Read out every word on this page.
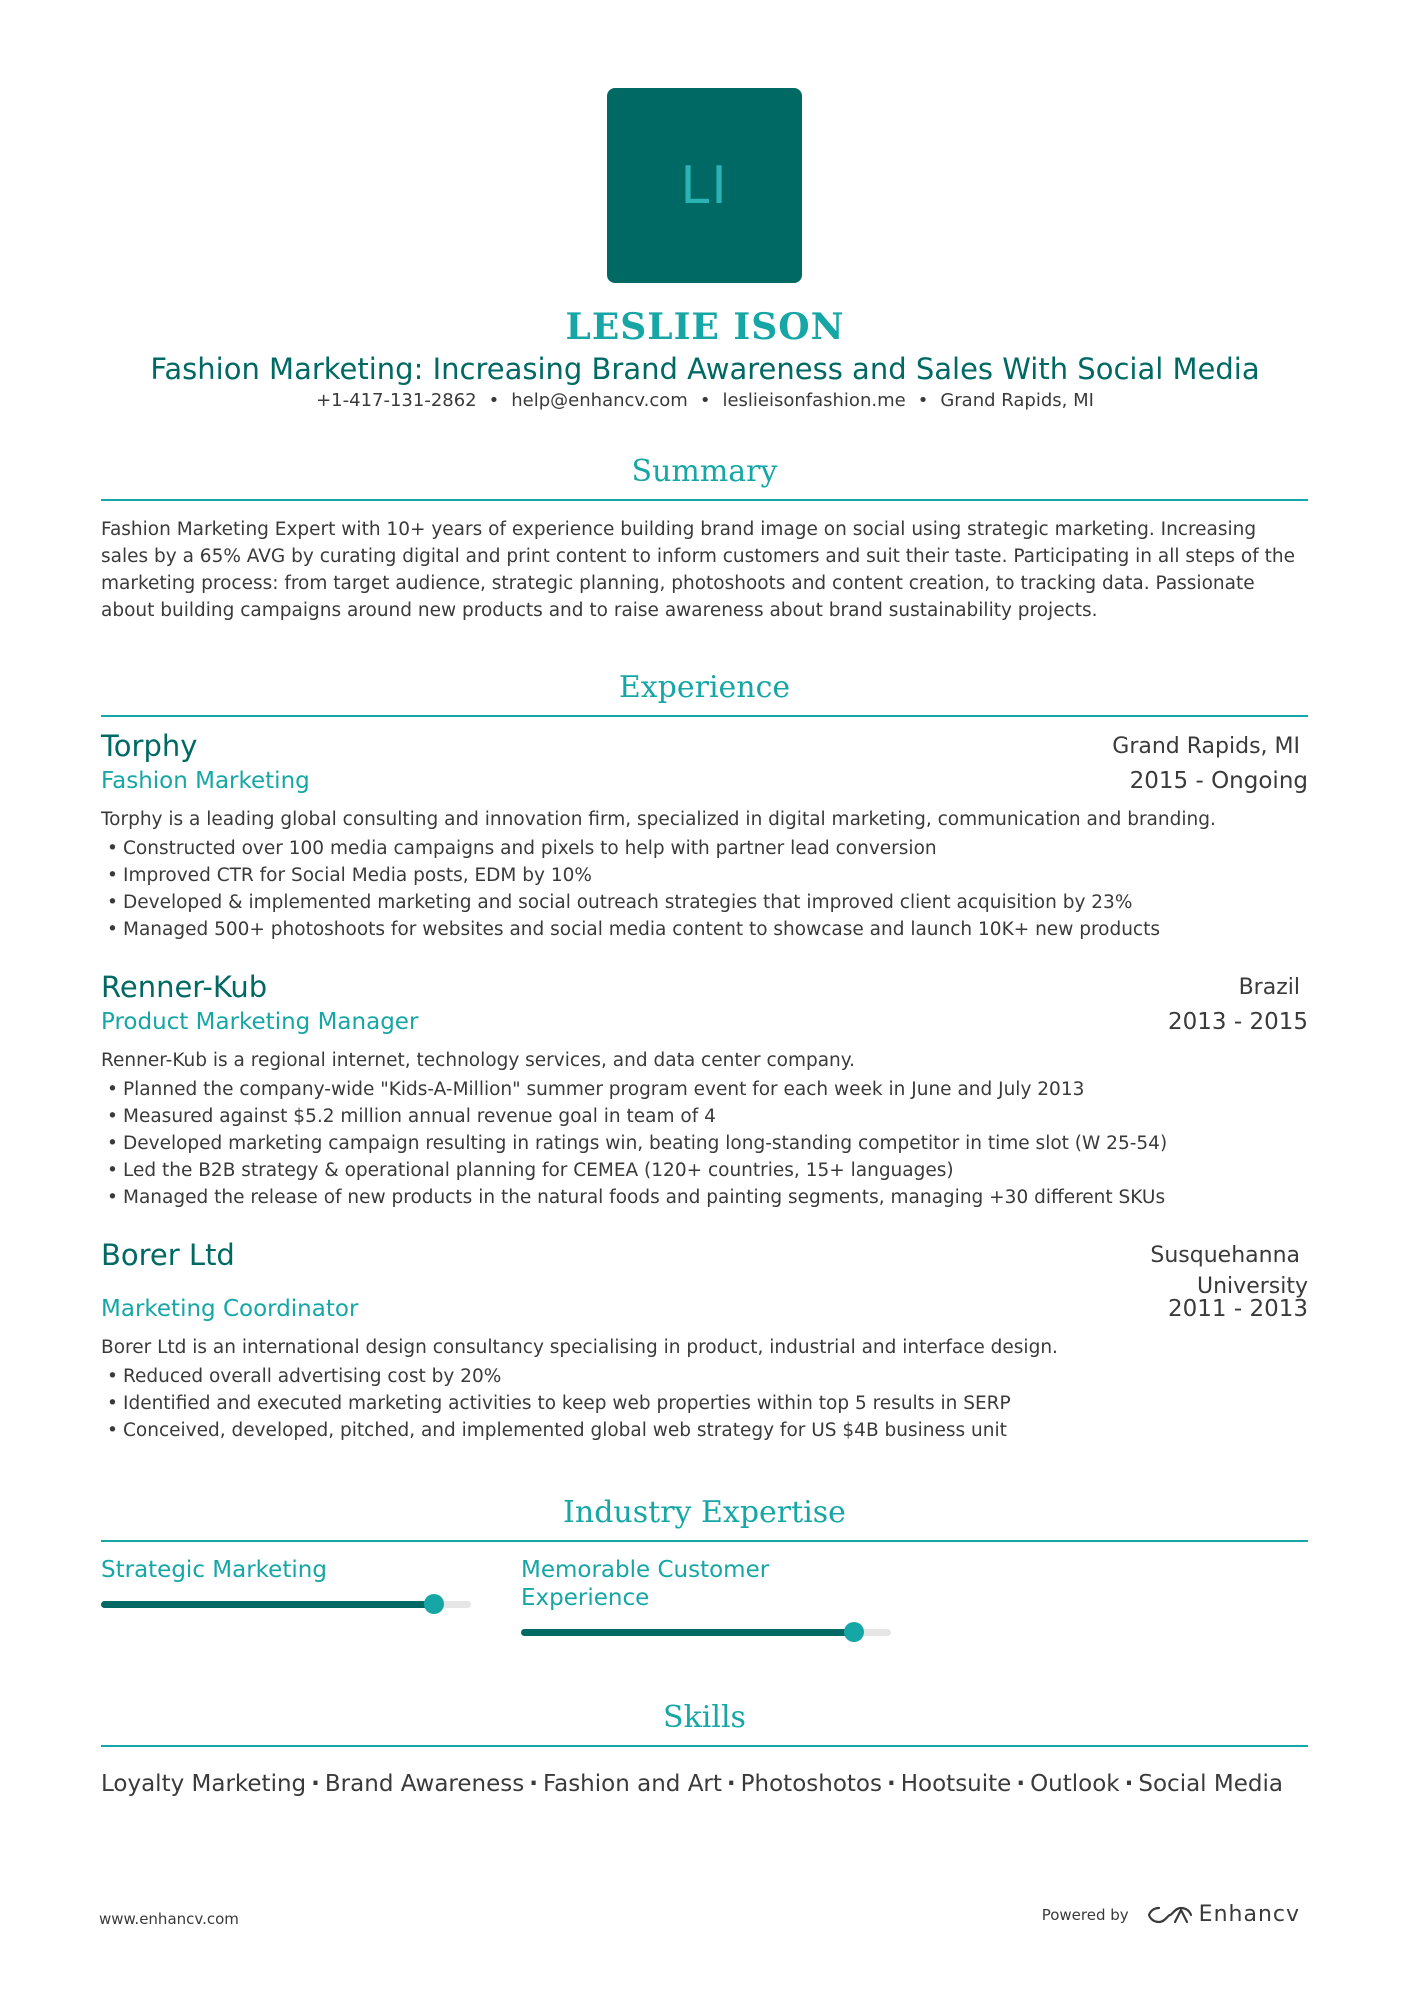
LI
LESLIE ISON
Fashion Marketing: Increasing Brand Awareness and Sales With Social Media
+1-417-131-2862 • help@enhancv.com • leslieisonfashion.me • Grand Rapids, MI
Summary
Fashion Marketing Expert with 10+ years of experience building brand image on social using strategic marketing. Increasing sales by a 65% AVG by curating digital and print content to inform customers and suit their taste. Participating in all steps of the marketing process: from target audience, strategic planning, photoshoots and content creation, to tracking data. Passionate about building campaigns around new products and to raise awareness about brand sustainability projects.
Experience
Torphy	Grand Rapids, MI
Fashion Marketing	2015 - Ongoing
Torphy is a leading global consulting and innovation firm, specialized in digital marketing, communication and branding.
• Constructed over 100 media campaigns and pixels to help with partner lead conversion
• Improved CTR for Social Media posts, EDM by 10%
• Developed & implemented marketing and social outreach strategies that improved client acquisition by 23%
• Managed 500+ photoshoots for websites and social media content to showcase and launch 10K+ new products
Renner-Kub	Brazil
Product Marketing Manager	2013 - 2015
Renner-Kub is a regional internet, technology services, and data center company.
• Planned the company-wide "Kids-A-Million" summer program event for each week in June and July 2013
• Measured against $5.2 million annual revenue goal in team of 4
• Developed marketing campaign resulting in ratings win, beating long-standing competitor in time slot (W 25-54)
• Led the B2B strategy & operational planning for CEMEA (120+ countries, 15+ languages)
• Managed the release of new products in the natural foods and painting segments, managing +30 different SKUs
Borer Ltd	Susquehanna
University
Marketing Coordinator	2011 - 2013
Borer Ltd is an international design consultancy specialising in product, industrial and interface design.
• Reduced overall advertising cost by 20%
• Identified and executed marketing activities to keep web properties within top 5 results in SERP
• Conceived, developed, pitched, and implemented global web strategy for US $4B business unit
Industry Expertise
Strategic Marketing	Memorable Customer
Experience
Skills
Loyalty Marketing · Brand Awareness · Fashion and Art · Photoshotos · Hootsuite · Outlook · Social Media
www.enhancv.com	Powered by	Enhancv
